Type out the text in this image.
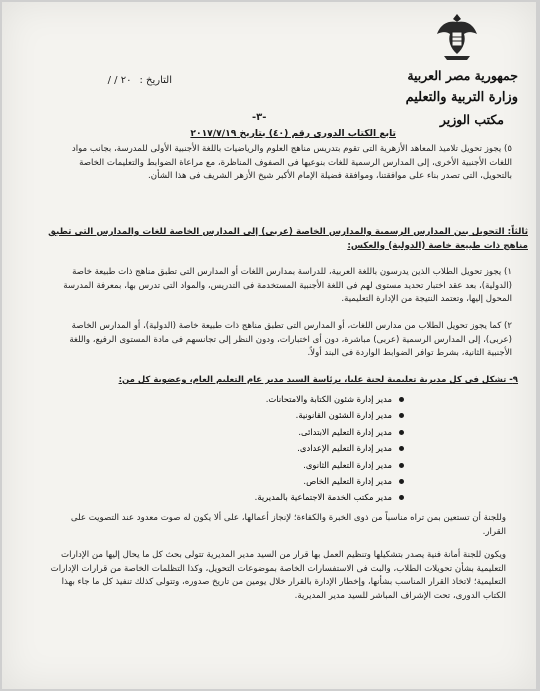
جمهورية مصر العربية
وزارة التربية والتعليم
مكتب الوزير
التاريخ :
/ / ٢٠
-٣-
تابع الكتاب الدورى رقم (٤٠) بتاريخ ٢٠١٧/٧/١٩
٥) يجوز تحويل تلاميذ المعاهد الأزهرية التى تقوم بتدريس مناهج العلوم والرياضيات باللغة الأجنبية الأولى للمدرسة، بجانب مواد اللغات الأجنبية الأخرى، إلى المدارس الرسمية للغات بنوعيها فى الصفوف المناظرة، مع مراعاة الضوابط والتعليمات الخاصة بالتحويل، التى تصدر بناء على موافقتنا، وموافقة فضيلة الإمام الأكبر شيخ الأزهر الشريف فى هذا الشأن.
ثالثاً: التحويل بين المدارس الرسمية والمدارس الخاصة (عربى) إلى المدارس الخاصة للغات والمدارس التى تطبق مناهج ذات طبيعة خاصة (الدولية) والعكس:
١) يجوز تحويل الطلاب الذين يدرسون باللغة العربية، للدراسة بمدارس اللغات أو المدارس التى تطبق مناهج ذات طبيعة خاصة (الدولية)، بعد عقد اختبار تحديد مستوى لهم فى اللغة الأجنبية المستخدمة فى التدريس، والمواد التى تدرس بها، بمعرفة المدرسة المحول إليها، وتعتمد النتيجة من الإدارة التعليمية.
٢) كما يجوز تحويل الطلاب من مدارس اللغات، أو المدارس التى تطبق مناهج ذات طبيعة خاصة (الدولية)، أو المدارس الخاصة (عربى)، إلى المدارس الرسمية (عربى) مباشرة، دون أى اختبارات، ودون النظر إلى تجانسهم فى مادة المستوى الرفيع، واللغة الأجنبية الثانية، بشرط توافر الضوابط الواردة فى البند أولاً.
٩- تشكل فى كل مديرية تعليمية لجنة عليا، برئاسة السيد مدير عام التعليم العام، وعضوية كل من:
مدير إدارة شئون الكتابة والامتحانات.
مدير إدارة الشئون القانونية.
مدير إدارة التعليم الابتدائى.
مدير إدارة التعليم الإعدادى.
مدير إدارة التعليم الثانوى.
مدير إدارة التعليم الخاص.
مدير مكتب الخدمة الاجتماعية بالمديرية.
وللجنة أن تستعين بمن تراه مناسباً من ذوى الخبرة والكفاءة؛ لإنجاز أعمالها، على ألا يكون له صوت معدود عند التصويت على القرار.
ويكون للجنة أمانة فنية يصدر بتشكيلها وتنظيم العمل بها قرار من السيد مدير المديرية تتولى بحث كل ما يحال إليها من الإدارات التعليمية بشأن تحويلات الطلاب، والبت فى الاستفسارات الخاصة بموضوعات التحويل، وكذا التظلمات الخاصة من قرارات الإدارات التعليمية؛ لاتخاذ القرار المناسب بشأنها، وإخطار الإدارة بالقرار خلال يومين من تاريخ صدوره، وتتولى كذلك تنفيذ كل ما جاء بهذا الكتاب الدورى، تحت الإشراف المباشر للسيد مدير المديرية.
